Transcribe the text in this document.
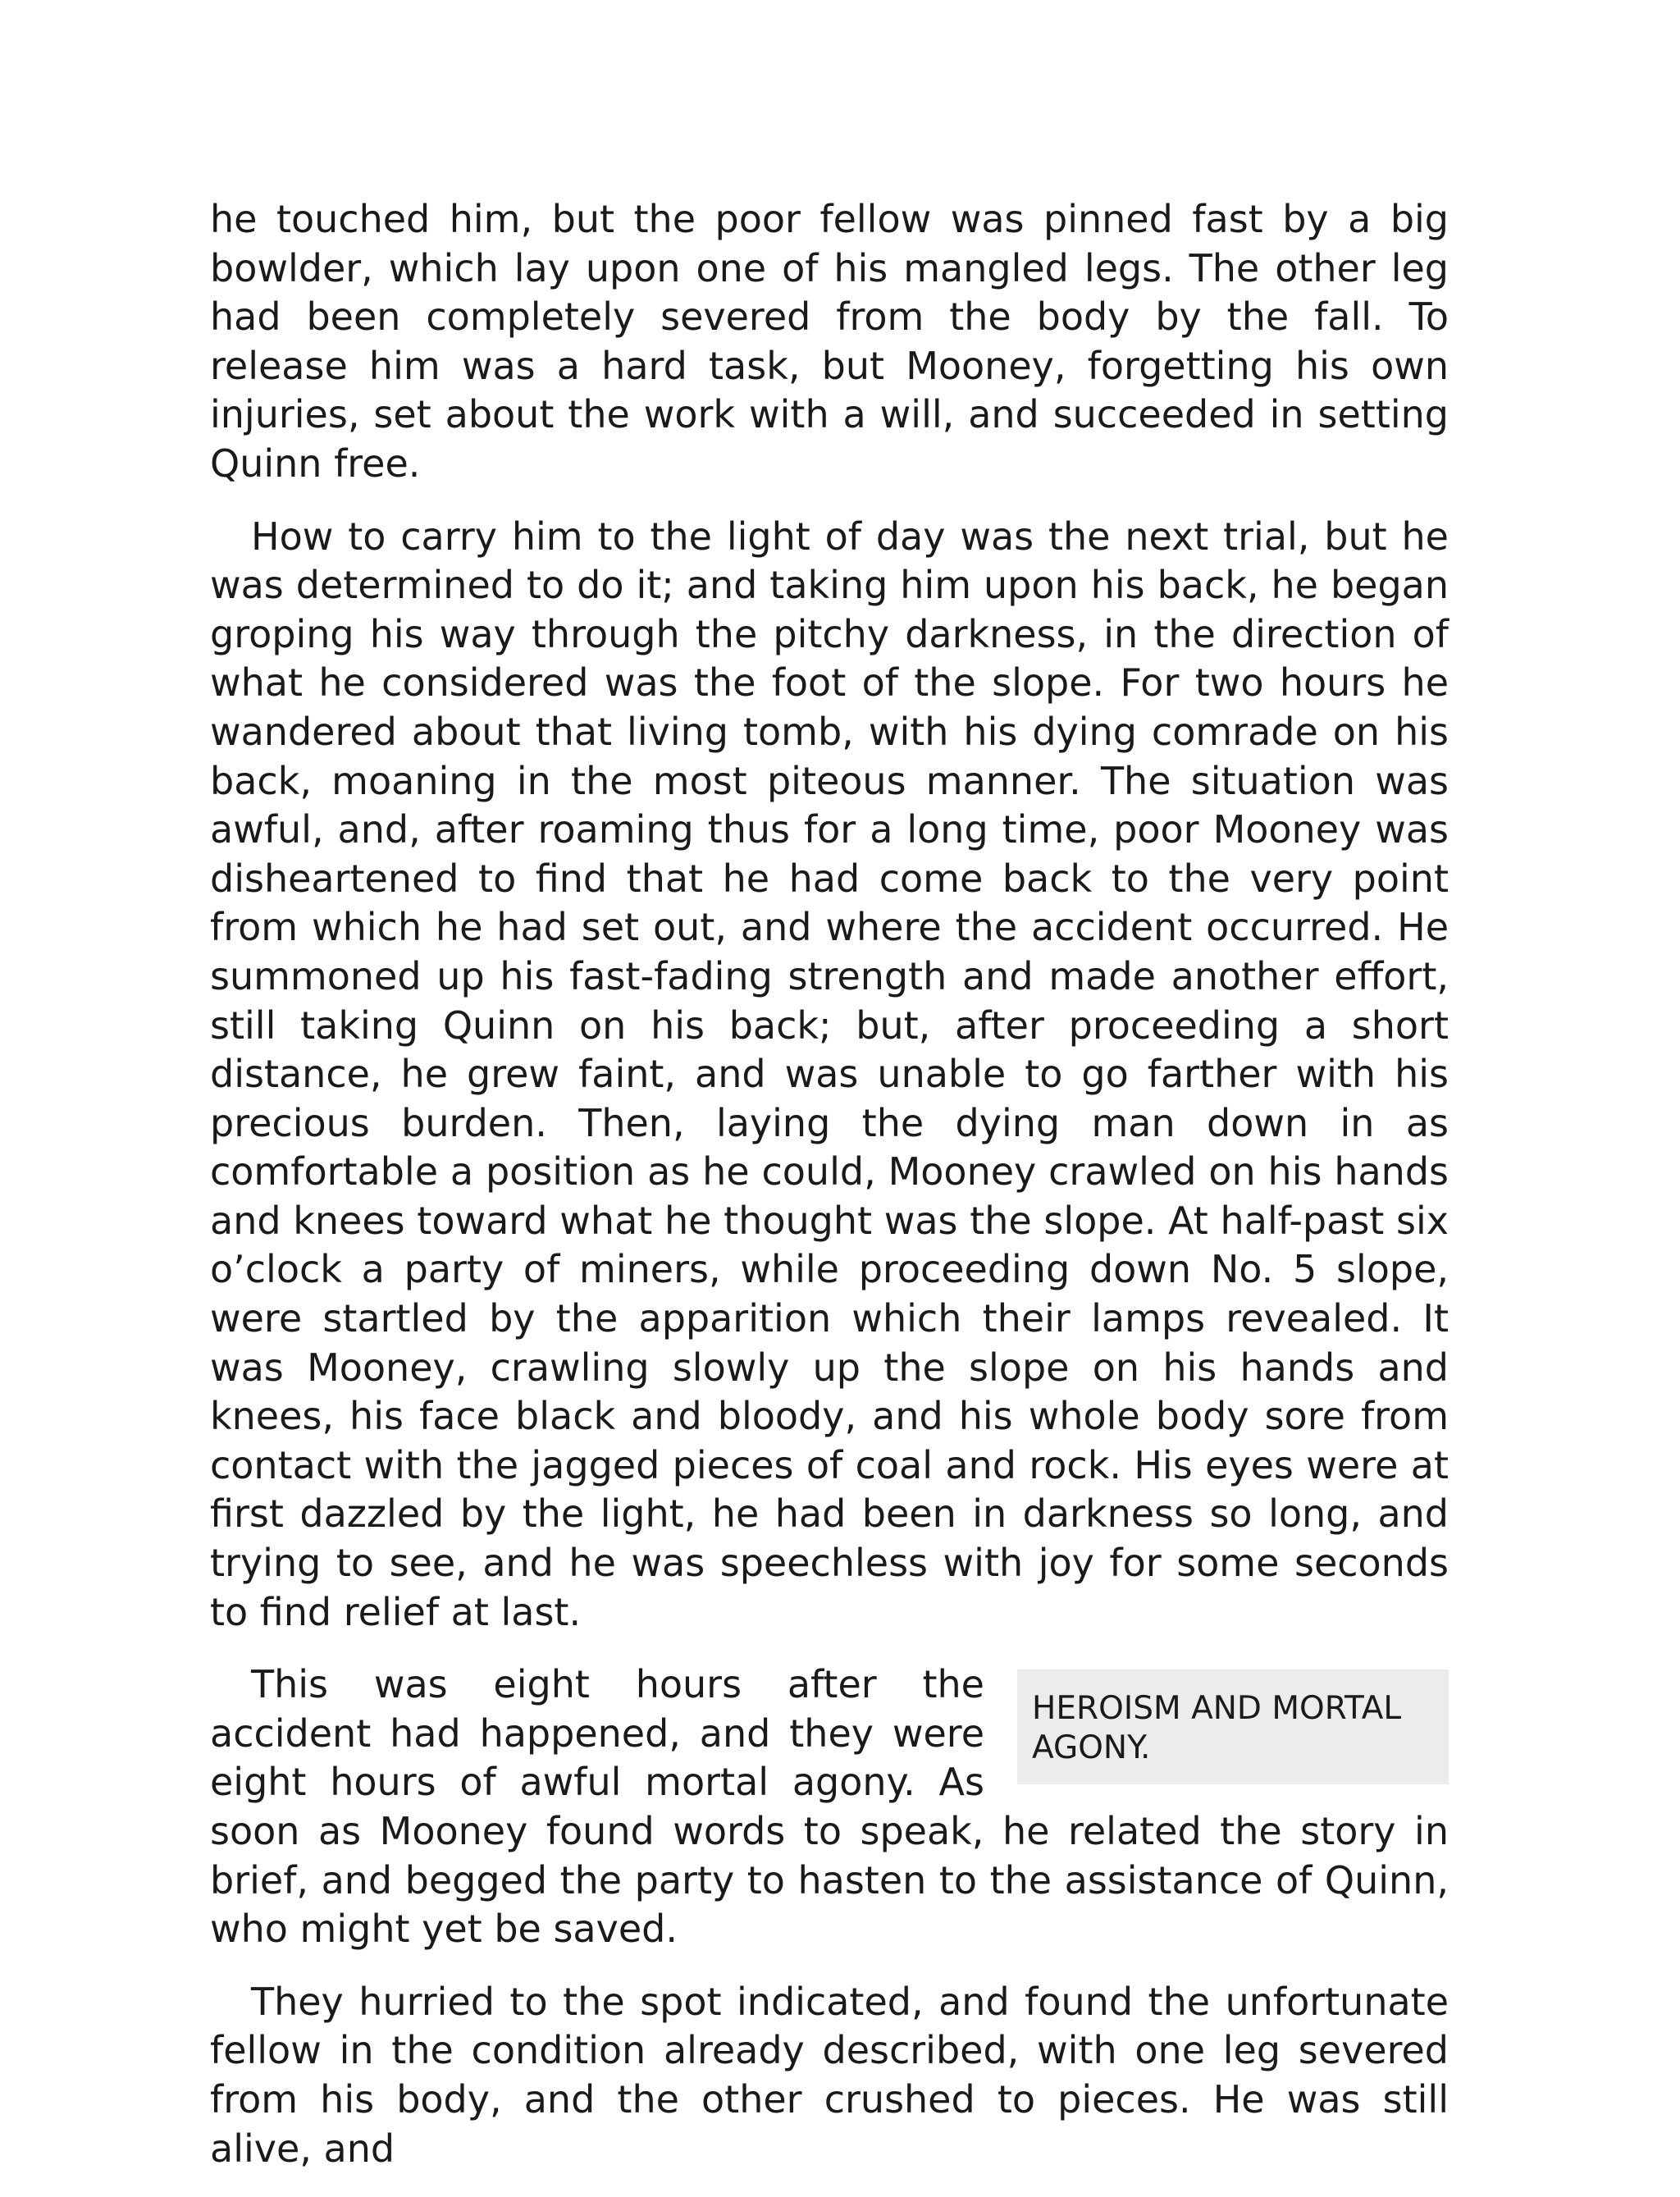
he touched him, but the poor fellow was pinned fast by a big bowlder, which lay upon one of his mangled legs. The other leg had been completely severed from the body by the fall. To release him was a hard task, but Mooney, forgetting his own injuries, set about the work with a will, and succeeded in setting Quinn free.

How to carry him to the light of day was the next trial, but he was determined to do it; and taking him upon his back, he began groping his way through the pitchy darkness, in the direction of what he considered was the foot of the slope. For two hours he wandered about that living tomb, with his dying comrade on his back, moaning in the most piteous manner. The situation was awful, and, after roaming thus for a long time, poor Mooney was disheartened to find that he had come back to the very point from which he had set out, and where the accident occurred. He summoned up his fast-fading strength and made another effort, still taking Quinn on his back; but, after proceeding a short distance, he grew faint, and was unable to go farther with his precious burden. Then, laying the dying man down in as comfortable a position as he could, Mooney crawled on his hands and knees toward what he thought was the slope. At half-past six o’clock a party of miners, while proceeding down No. 5 slope, were startled by the apparition which their lamps revealed. It was Mooney, crawling slowly up the slope on his hands and knees, his face black and bloody, and his whole body sore from contact with the jagged pieces of coal and rock. His eyes were at first dazzled by the light, he had been in darkness so long, and trying to see, and he was speechless with joy for some seconds to find relief at last.

HEROISM AND MORTAL AGONY.
This was eight hours after the accident had happened, and they were eight hours of awful mortal agony. As soon as Mooney found words to speak, he related the story in brief, and begged the party to hasten to the assistance of Quinn, who might yet be saved.

They hurried to the spot indicated, and found the unfortunate fellow in the condition already described, with one leg severed from his body, and the other crushed to pieces. He was still alive, and
